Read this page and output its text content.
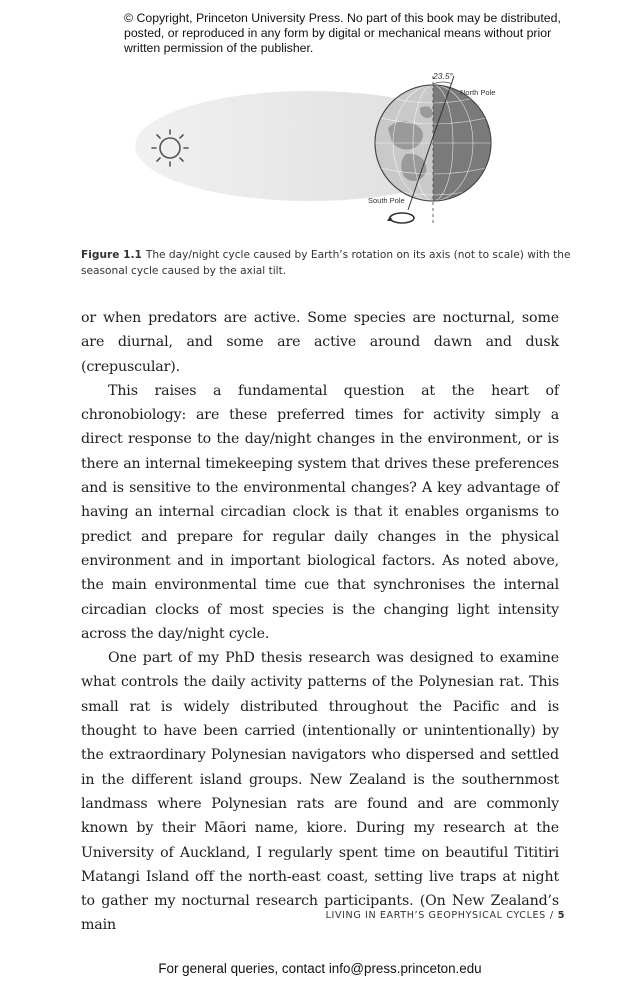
© Copyright, Princeton University Press. No part of this book may be distributed, posted, or reproduced in any form by digital or mechanical means without prior written permission of the publisher.
23.5°
North Pole
South Pole
Figure 1.1 The day/night cycle caused by Earth’s rotation on its axis (not to scale) with the seasonal cycle caused by the axial tilt.

or when predators are active. Some species are nocturnal, some are diurnal, and some are active around dawn and dusk (crepuscular).

This raises a fundamental question at the heart of chronobiology: are these preferred times for activity simply a direct response to the day/night changes in the environment, or is there an internal timekeeping system that drives these preferences and is sensitive to the environmental changes? A key advantage of having an internal circadian clock is that it enables organisms to predict and prepare for regular daily changes in the physical environment and in important biological factors. As noted above, the main environmental time cue that synchronises the internal circadian clocks of most species is the changing light intensity across the day/night cycle.

One part of my PhD thesis research was designed to examine what controls the daily activity patterns of the Polynesian rat. This small rat is widely distributed throughout the Pacific and is thought to have been carried (intentionally or unintentionally) by the extraordinary Polynesian navigators who dispersed and settled in the different island groups. New Zealand is the southernmost landmass where Polynesian rats are found and are commonly known by their Māori name, kiore. During my research at the University of Auckland, I regularly spent time on beautiful Tititiri Matangi Island off the north-east coast, setting live traps at night to gather my nocturnal research participants. (On New Zealand’s main

LIVING IN EARTH’S GEOPHYSICAL CYCLES / 5
For general queries, contact info@press.princeton.edu
